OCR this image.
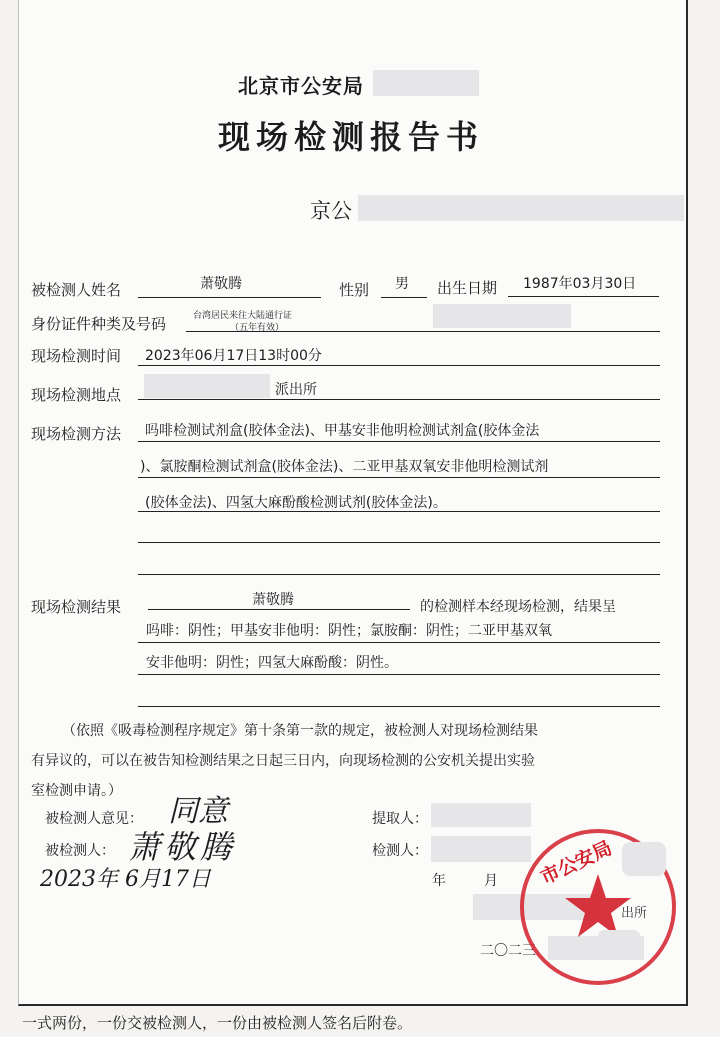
北京市公安局
现场检测报告书
京公
被检测人姓名	萧敬腾	性别 男 出生日期 1987年03月30日
身份证件种类及号码	台湾居民来往大陆通行证
（五年有效）
现场检测时间 2023年06月17日13时00分
现场检测地点	派出所
现场检测方法 吗啡检测试剂盒(胶体金法)、甲基安非他明检测试剂盒(胶体金法
)、氯胺酮检测试剂盒(胶体金法)、二亚甲基双氧安非他明检测试剂
(胶体金法)、四氢大麻酚酸检测试剂(胶体金法)。
现场检测结果	萧敬腾	的检测样本经现场检测，结果呈
吗啡：阴性；甲基安非他明：阴性；氯胺酮：阴性；二亚甲基双氧
安非他明：阴性；四氢大麻酚酸：阴性。
（依照《吸毒检测程序规定》第十条第一款的规定，被检测人对现场检测结果
有异议的，可以在被告知检测结果之日起三日内，向现场检测的公安机关提出实验
室检测申请。）
被检测人意见： 同意
被检测人： 萧敬腾
2023年 6月17日
提取人：
检测人：
年	月
二〇二三
市公安局
出所
一式两份，一份交被检测人，一份由被检测人签名后附卷。
